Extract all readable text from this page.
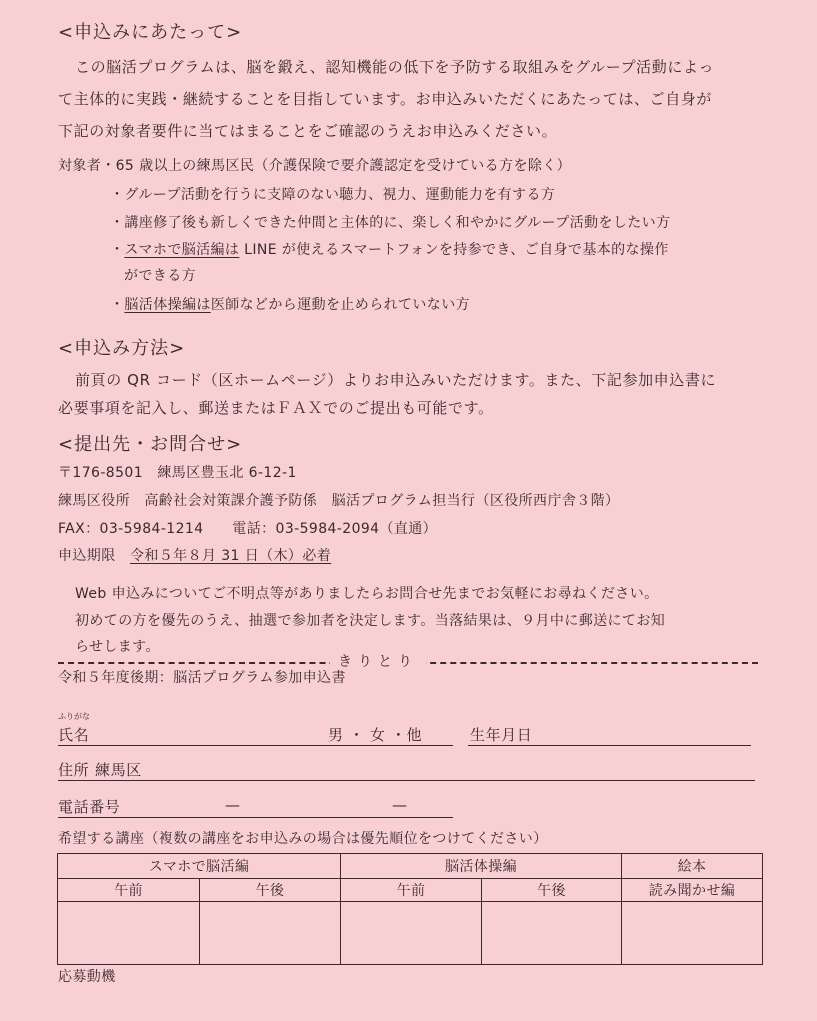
<申込みにあたって>
この脳活プログラムは、脳を鍛え、認知機能の低下を予防する取組みをグループ活動によっ
て主体的に実践・継続することを目指しています。お申込みいただくにあたっては、ご自身が
下記の対象者要件に当てはまることをご確認のうえお申込みください。
対象者・65 歳以上の練馬区民（介護保険で要介護認定を受けている方を除く）
・グループ活動を行うに支障のない聴力、視力、運動能力を有する方
・講座修了後も新しくできた仲間と主体的に、楽しく和やかにグループ活動をしたい方
・スマホで脳活編は LINE が使えるスマートフォンを持参でき、ご自身で基本的な操作
ができる方
・脳活体操編は医師などから運動を止められていない方
<申込み方法>
前頁の QR コード（区ホームページ）よりお申込みいただけます。また、下記参加申込書に
必要事項を記入し、郵送またはＦＡＸでのご提出も可能です。
<提出先・お問合せ>
〒176-8501　練馬区豊玉北 6-12-1
練馬区役所　高齢社会対策課介護予防係　脳活プログラム担当行（区役所西庁舎３階）
FAX：03-5984-1214　　電話：03-5984-2094（直通）
申込期限　令和５年８月 31 日（木）必着
Web 申込みについてご不明点等がありましたらお問合せ先までお気軽にお尋ねください。
初めての方を優先のうえ、抽選で参加者を決定します。当落結果は、９月中に郵送にてお知
らせします。
きりとり
令和５年度後期：脳活プログラム参加申込書
ふりがな
氏名	男 ・ 女 ・他	生年月日
住所 練馬区
電話番号	—	—
希望する講座（複数の講座をお申込みの場合は優先順位をつけてください）
スマホで脳活編		脳活体操編		絵本
午前	午後	午前	午後	読み聞かせ編

応募動機
